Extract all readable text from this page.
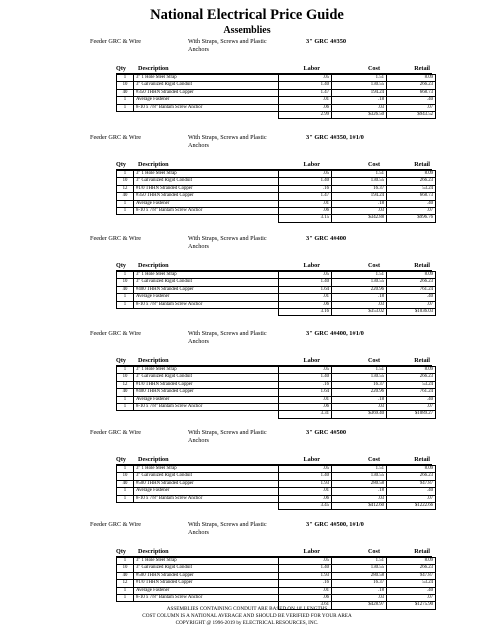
National Electrical Price Guide
Assemblies
Feeder GRC & Wire	With Straps, Screws and Plastic Anchors
3" GRC 4#350
Qty Description	Labor	Cost	Retail
1	3" 1 Hole Steel Strap	.05	1.51	8.09
10	3" Galvanized Rigid Conduit	1.40	130.55	266.23
40	#350 THHN Stranded Copper	1.47	194.24	668.73
1	Average Fastener	.01	.18	.40
1	8-10 x 7/8" Bantam Screw Anchor	.06	.03	.07
		2.99	$326.50	$943.52
Feeder GRC & Wire	With Straps, Screws and Plastic Anchors
3" GRC 4#350, 1#1/0
Qty Description	Labor	Cost	Retail
1	3" 1 Hole Steel Strap	.05	1.51	8.09
10	3" Galvanized Rigid Conduit	1.40	130.55	266.23
12	#1/0 THHN Stranded Copper	.16	16.37	53.24
40	#350 THHN Stranded Copper	1.47	194.24	668.73
1	Average Fastener	.01	.18	.40
1	8-10 x 7/8" Bantam Screw Anchor	.06	.03	.07
		3.15	$342.88	$996.76
Feeder GRC & Wire	With Straps, Screws and Plastic Anchors
3" GRC 4#400
Qty Description	Labor	Cost	Retail
1	3" 1 Hole Steel Strap	.05	1.51	8.09
10	3" Galvanized Rigid Conduit	1.40	130.55	266.23
40	#400 THHN Stranded Copper	1.64	220.96	761.24
1	Average Fastener	.01	.18	.40
1	8-10 x 7/8" Bantam Screw Anchor	.06	.03	.07
		3.16	$353.02	$1036.03
Feeder GRC & Wire	With Straps, Screws and Plastic Anchors
3" GRC 4#400, 1#1/0
Qty Description	Labor	Cost	Retail
1	3" 1 Hole Steel Strap	.05	1.51	8.09
10	3" Galvanized Rigid Conduit	1.40	130.55	266.23
12	#1/0 THHN Stranded Copper	.16	16.37	53.24
40	#400 THHN Stranded Copper	1.64	220.96	761.24
1	Average Fastener	.01	.18	.40
1	8-10 x 7/8" Bantam Screw Anchor	.06	.03	.07
		3.31	$369.40	$1089.27
Feeder GRC & Wire	With Straps, Screws and Plastic Anchors
3" GRC 4#500
Qty Description	Labor	Cost	Retail
1	3" 1 Hole Steel Strap	.05	1.51	8.09
10	3" Galvanized Rigid Conduit	1.40	130.55	266.23
40	#500 THHN Stranded Copper	1.93	280.58	947.87
1	Average Fastener	.01	.18	.40
1	8-10 x 7/8" Bantam Screw Anchor	.06	.03	.07
		3.45	$412.60	$1222.66
Feeder GRC & Wire	With Straps, Screws and Plastic Anchors
3" GRC 4#500, 1#1/0
Qty Description	Labor	Cost	Retail
1	3" 1 Hole Steel Strap	.05	1.51	8.09
10	3" Galvanized Rigid Conduit	1.40	130.55	266.23
40	#500 THHN Stranded Copper	1.93	280.58	947.87
12	#1/0 THHN Stranded Copper	.16	16.37	53.24
1	Average Fastener	.01	.18	.40
1	8-10 x 7/8" Bantam Screw Anchor	.06	.03	.07
		3.61	$428.97	$1275.90
ASSEMBLIES CONTAINING CONDUIT ARE BASED ON 10' LENGTHS
COST COLUMN IS A NATIONAL AVERAGE AND SHOULD BE VERIFIED FOR YOUR AREA
COPYRIGHT @ 1996-2019 by ELECTRICAL RESOURCES, INC.
